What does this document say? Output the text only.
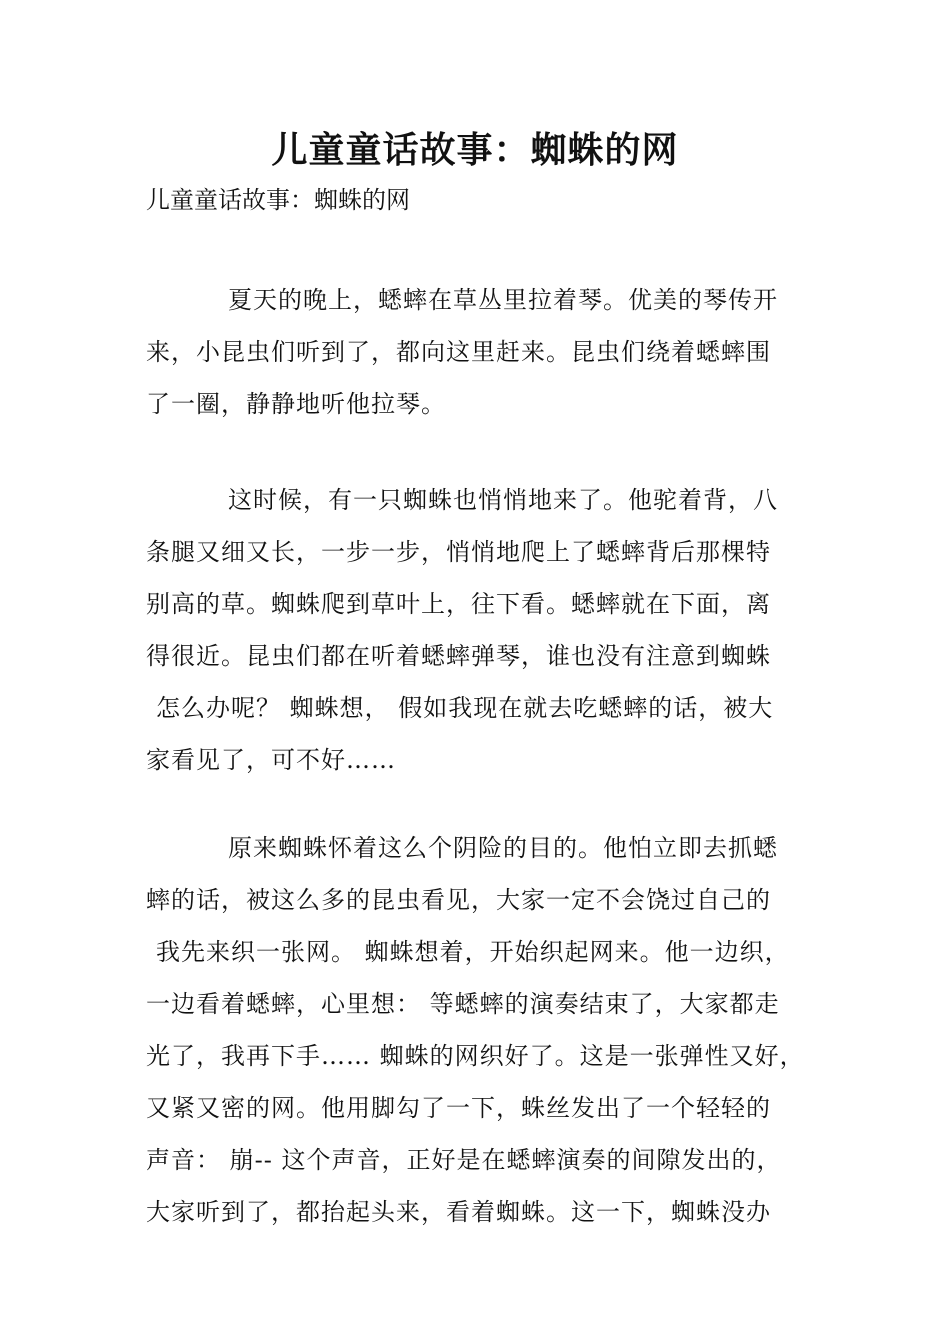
儿童童话故事：蜘蛛的网
儿童童话故事：蜘蛛的网
夏天的晚上，蟋蟀在草丛里拉着琴。优美的琴传开
来，小昆虫们听到了，都向这里赶来。昆虫们绕着蟋蟀围
了一圈，静静地听他拉琴。
这时候，有一只蜘蛛也悄悄地来了。他驼着背，八
条腿又细又长，一步一步，悄悄地爬上了蟋蟀背后那棵特
别高的草。蜘蛛爬到草叶上，往下看。蟋蟀就在下面，离
得很近。昆虫们都在听着蟋蟀弹琴，谁也没有注意到蜘蛛
怎么办呢？ 蜘蛛想， 假如我现在就去吃蟋蟀的话，被大
家看见了，可不好……
原来蜘蛛怀着这么个阴险的目的。他怕立即去抓蟋
蟀的话，被这么多的昆虫看见，大家一定不会饶过自己的
我先来织一张网。 蜘蛛想着，开始织起网来。他一边织，
一边看着蟋蟀，心里想： 等蟋蟀的演奏结束了，大家都走
光了，我再下手…… 蜘蛛的网织好了。这是一张弹性又好，
又紧又密的网。他用脚勾了一下，蛛丝发出了一个轻轻的
声音： 崩-- 这个声音，正好是在蟋蟀演奏的间隙发出的，
大家听到了，都抬起头来，看着蜘蛛。这一下，蜘蛛没办
